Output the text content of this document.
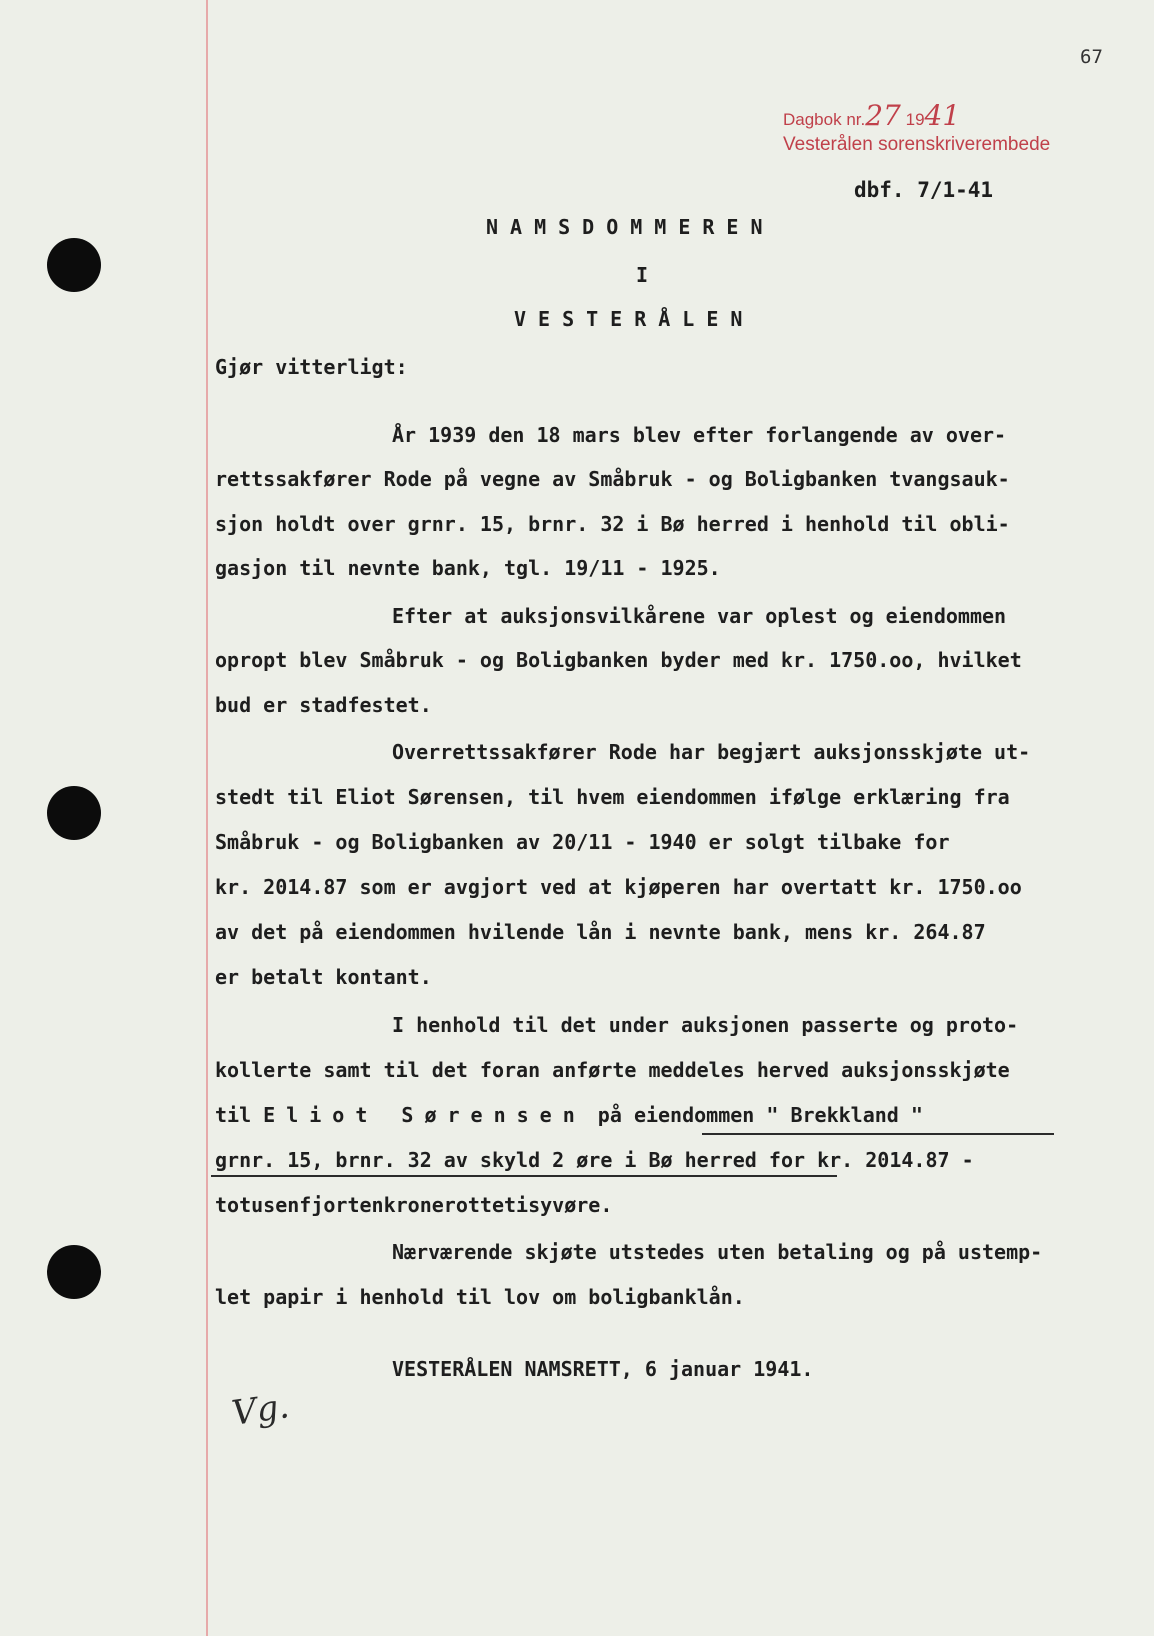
67
Dagbok nr.27 1941
Vesterålen sorenskriverembede
dbf. 7/1-41
NAMSDOMMEREN
I
VESTERÅLEN
Gjør vitterligt:
År 1939 den 18 mars blev efter forlangende av over-
rettssakfører Rode på vegne av Småbruk - og Boligbanken tvangsauk-
sjon holdt over grnr. 15, brnr. 32 i Bø herred i henhold til obli-
gasjon til nevnte bank, tgl. 19/11 - 1925.
Efter at auksjonsvilkårene var oplest og eiendommen
opropt blev Småbruk - og Boligbanken byder med kr. 1750.oo, hvilket
bud er stadfestet.
Overrettssakfører Rode har begjært auksjonsskjøte ut-
stedt til Eliot Sørensen, til hvem eiendommen ifølge erklæring fra
Småbruk - og Boligbanken av 20/11 - 1940 er solgt tilbake for
kr. 2014.87 som er avgjort ved at kjøperen har overtatt kr. 1750.oo
av det på eiendommen hvilende lån i nevnte bank, mens kr. 264.87
er betalt kontant.
I henhold til det under auksjonen passerte og proto-
kollerte samt til det foran anførte meddeles herved auksjonsskjøte
til Eliot Sørensen på eiendommen " Brekkland "
grnr. 15, brnr. 32 av skyld 2 øre i Bø herred for kr. 2014.87 -
totusenfjortenkronerottetisyvøre.
Nærværende skjøte utstedes uten betaling og på ustemp-
let papir i henhold til lov om boligbanklån.
VESTERÅLEN NAMSRETT, 6 januar 1941.
Vg.
